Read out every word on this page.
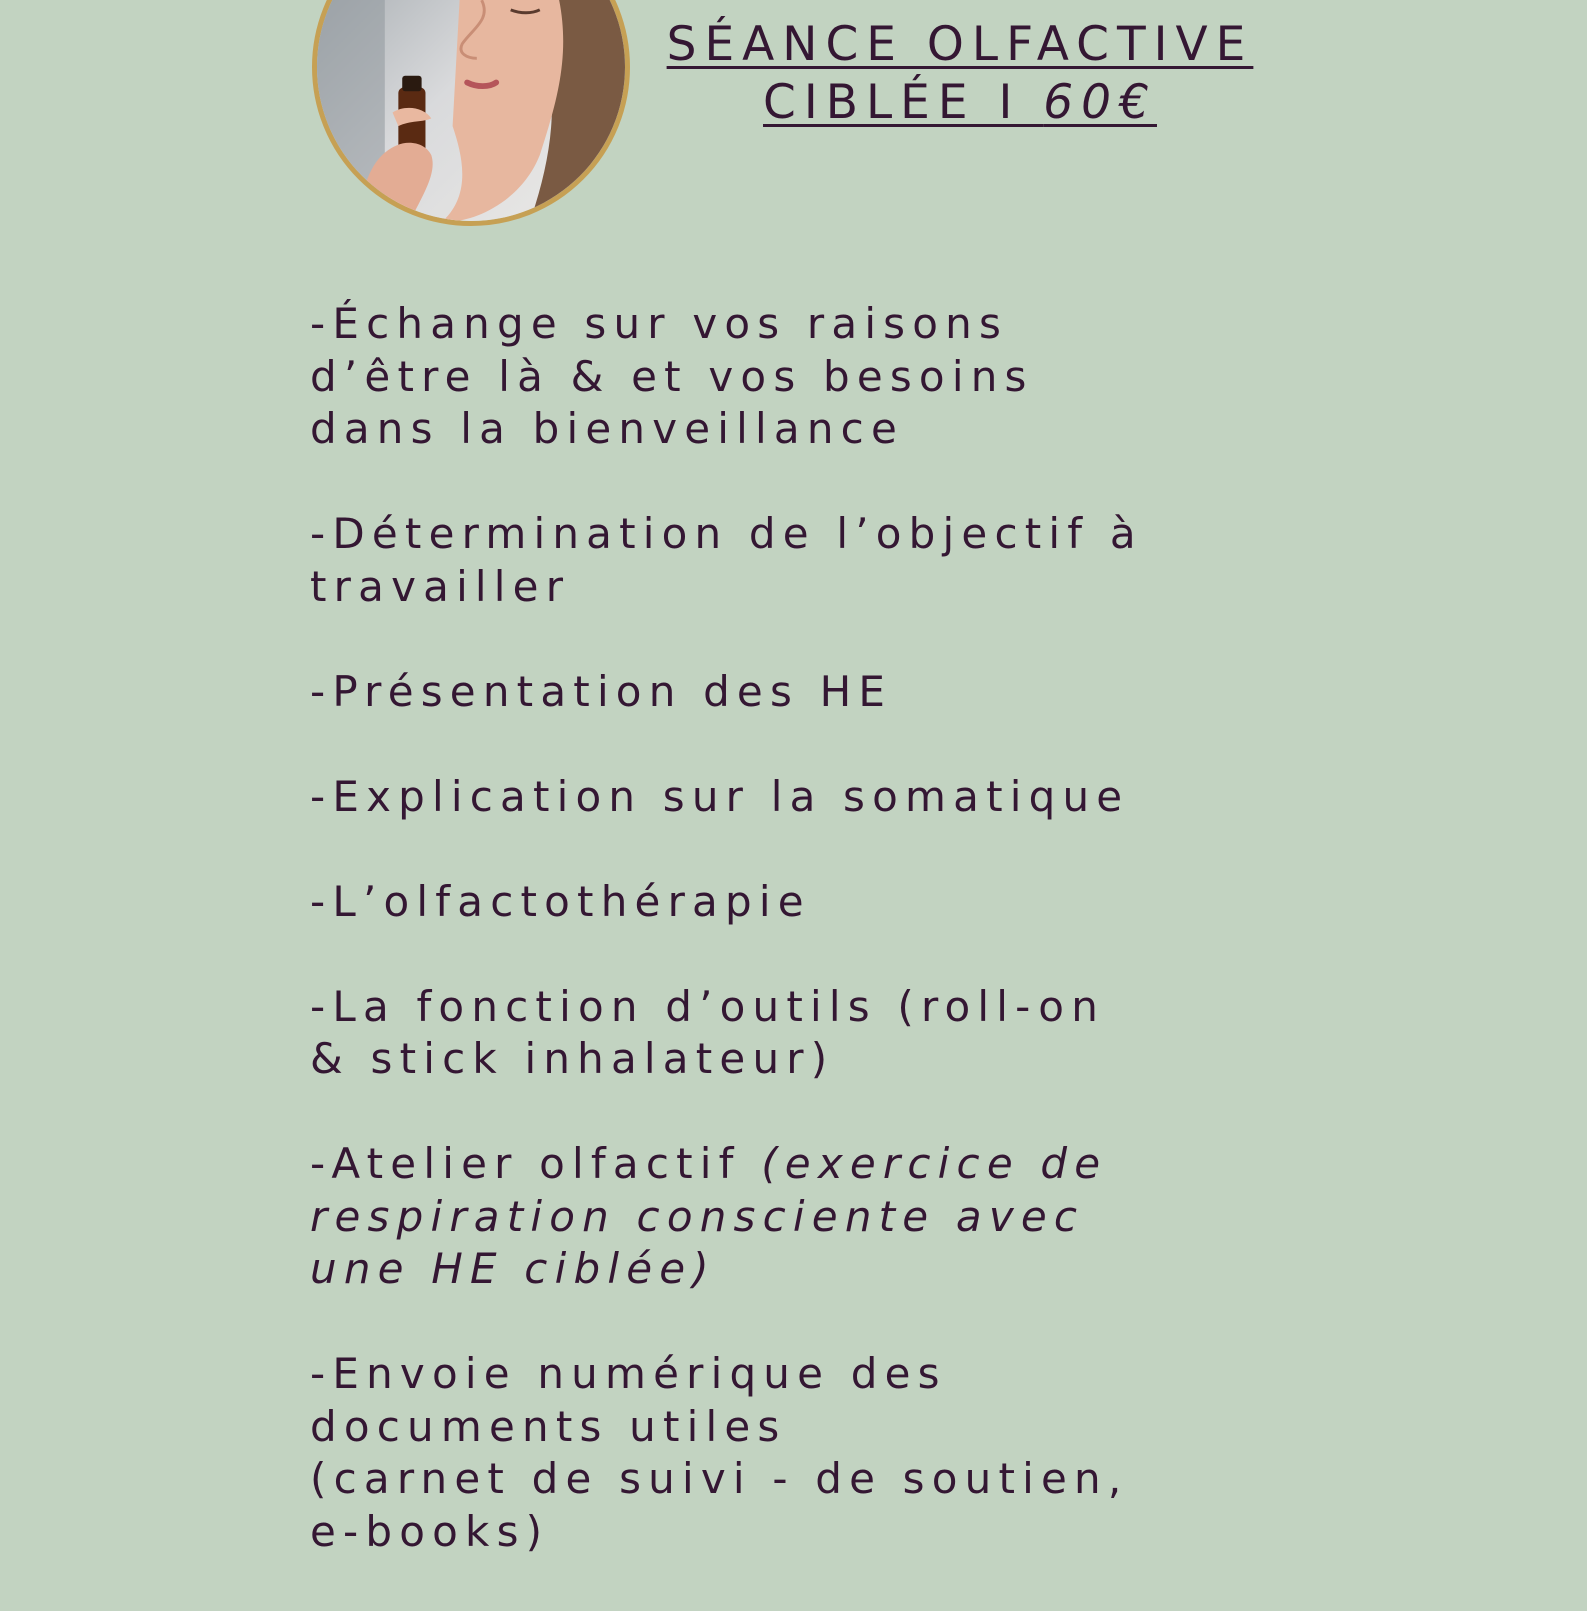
SÉANCE OLFACTIVE
CIBLÉE I 60€
-Échange sur vos raisons
d’être là & et vos besoins
dans la bienveillance
-Détermination de l’objectif à
travailler
-Présentation des HE
-Explication sur la somatique
-L’olfactothérapie
-La fonction d’outils (roll-on
& stick inhalateur)
-Atelier olfactif (exercice de
respiration consciente avec
une HE ciblée)
-Envoie numérique des
documents utiles
(carnet de suivi - de soutien,
e-books)
